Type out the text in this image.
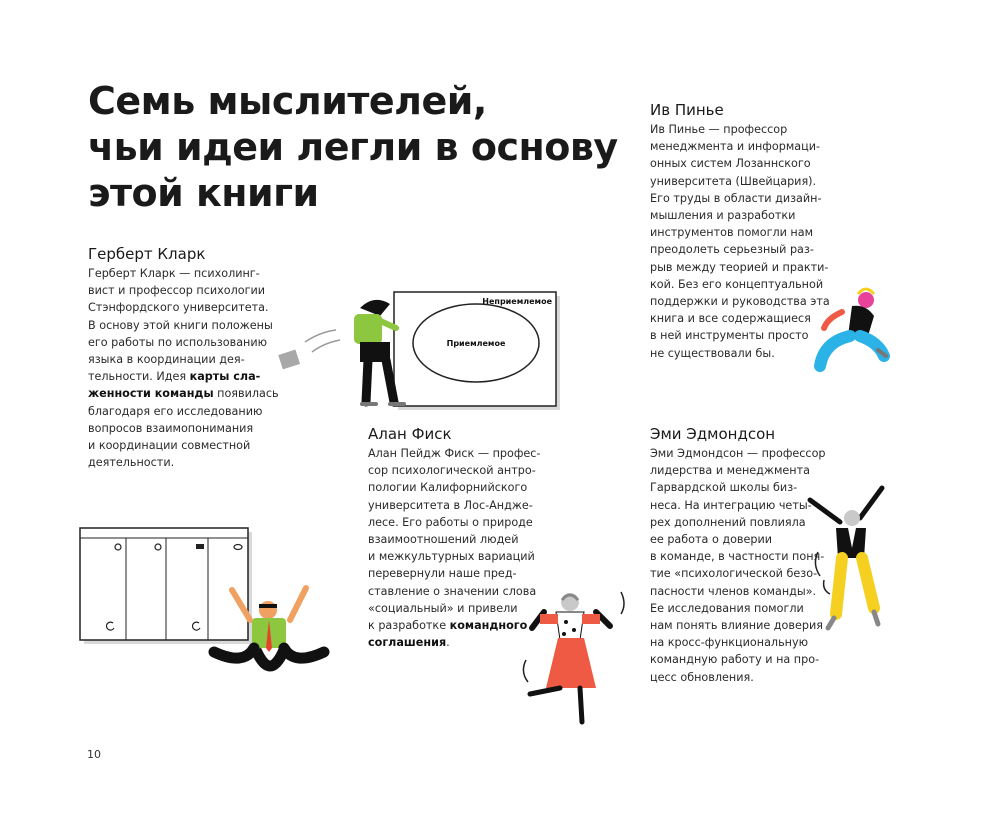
Семь мыслителей,
чьи идеи легли в основу
этой книги
Герберт Кларк
Герберт Кларк — психолинг-
вист и профессор психологии
Стэнфордского университета.
В основу этой книги положены
его работы по использованию
языка в координации дея-
тельности. Идея карты сла-
женности команды появилась
благодаря его исследованию
вопросов взаимопонимания
и координации совместной
деятельности.
Алан Фиск
Алан Пейдж Фиск — профес-
сор психологической антро-
пологии Калифорнийского
университета в Лос-Андже-
лесе. Его работы о природе
взаимоотношений людей
и межкультурных вариаций
перевернули наше пред-
ставление о значении слова
«социальный» и привели
к разработке командного
соглашения.
Ив Пинье
Ив Пинье — профессор
менеджмента и информаци-
онных систем Лозаннского
университета (Швейцария).
Его труды в области дизайн-
мышления и разработки
инструментов помогли нам
преодолеть серьезный раз-
рыв между теорией и практи-
кой. Без его концептуальной
поддержки и руководства эта
книга и все содержащиеся
в ней инструменты просто
не существовали бы.
Эми Эдмондсон
Эми Эдмондсон — профессор
лидерства и менеджмента
Гарвардской школы биз-
неса. На интеграцию четы-
рех дополнений повлияла
ее работа о доверии
в команде, в частности поня-
тие «психологической безо-
пасности членов команды».
Ее исследования помогли
нам понять влияние доверия
на кросс-функциональную
командную работу и на про-
цесс обновления.
Неприемлемое
Приемлемое
10
